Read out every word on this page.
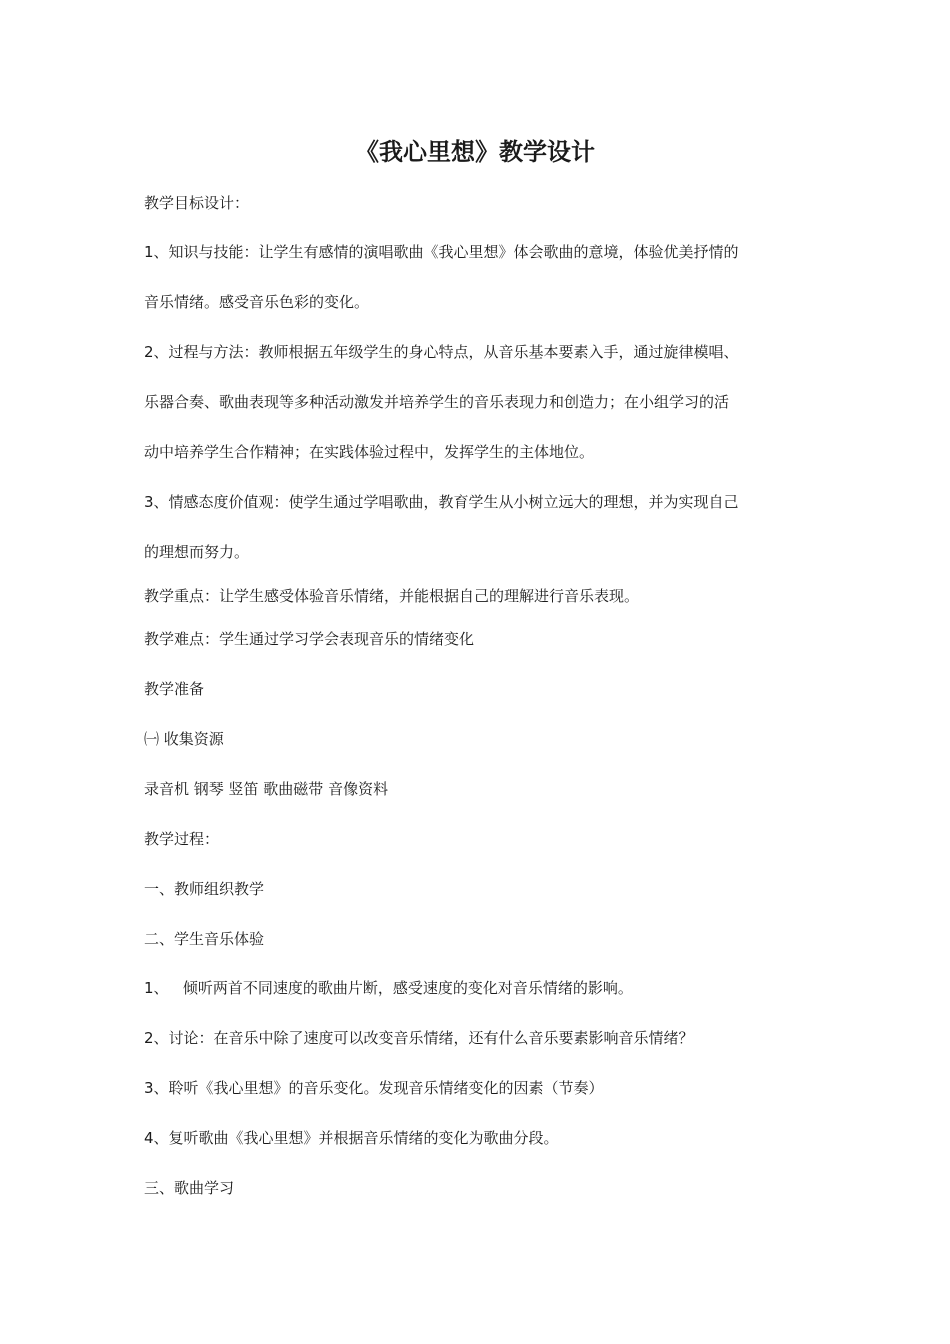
《我心里想》教学设计

教学目标设计：

1、知识与技能：让学生有感情的演唱歌曲《我心里想》体会歌曲的意境，体验优美抒情的

音乐情绪。感受音乐色彩的变化。

2、过程与方法：教师根据五年级学生的身心特点，从音乐基本要素入手，通过旋律模唱、

乐器合奏、歌曲表现等多种活动激发并培养学生的音乐表现力和创造力；在小组学习的活

动中培养学生合作精神；在实践体验过程中，发挥学生的主体地位。

3、情感态度价值观：使学生通过学唱歌曲，教育学生从小树立远大的理想，并为实现自己

的理想而努力。

教学重点：让学生感受体验音乐情绪，并能根据自己的理解进行音乐表现。

教学难点：学生通过学习学会表现音乐的情绪变化

教学准备

㈠ 收集资源

录音机 钢琴 竖笛 歌曲磁带 音像资料

教学过程：

一、教师组织教学

二、学生音乐体验

1、   倾听两首不同速度的歌曲片断，感受速度的变化对音乐情绪的影响。

2、讨论：在音乐中除了速度可以改变音乐情绪，还有什么音乐要素影响音乐情绪？

3、聆听《我心里想》的音乐变化。发现音乐情绪变化的因素（节奏）

4、复听歌曲《我心里想》并根据音乐情绪的变化为歌曲分段。

三、歌曲学习
